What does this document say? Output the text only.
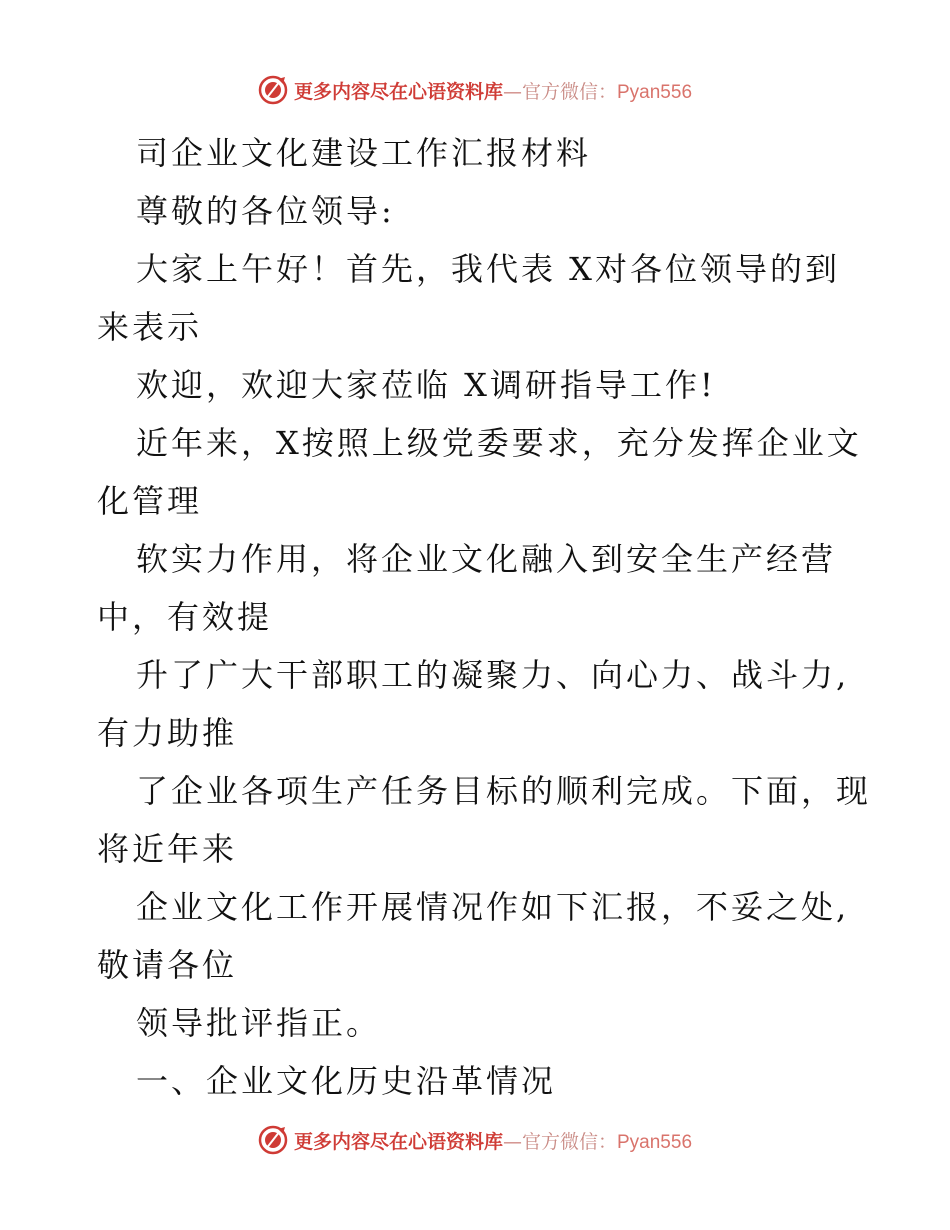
更多内容尽在心语资料库—官方微信：Pyan556
司企业文化建设工作汇报材料
尊敬的各位领导:
大家上午好！首先，我代表 X对各位领导的到
来表示
欢迎，欢迎大家莅临 X调研指导工作!
近年来，X按照上级党委要求，充分发挥企业文
化管理
软实力作用，将企业文化融入到安全生产经营
中，有效提
升了广大干部职工的凝聚力、向心力、战斗力,
有力助推
了企业各项生产任务目标的顺利完成。下面，现
将近年来
企业文化工作开展情况作如下汇报，不妥之处,
敬请各位
领导批评指正。
一、企业文化历史沿革情况
更多内容尽在心语资料库—官方微信：Pyan556
